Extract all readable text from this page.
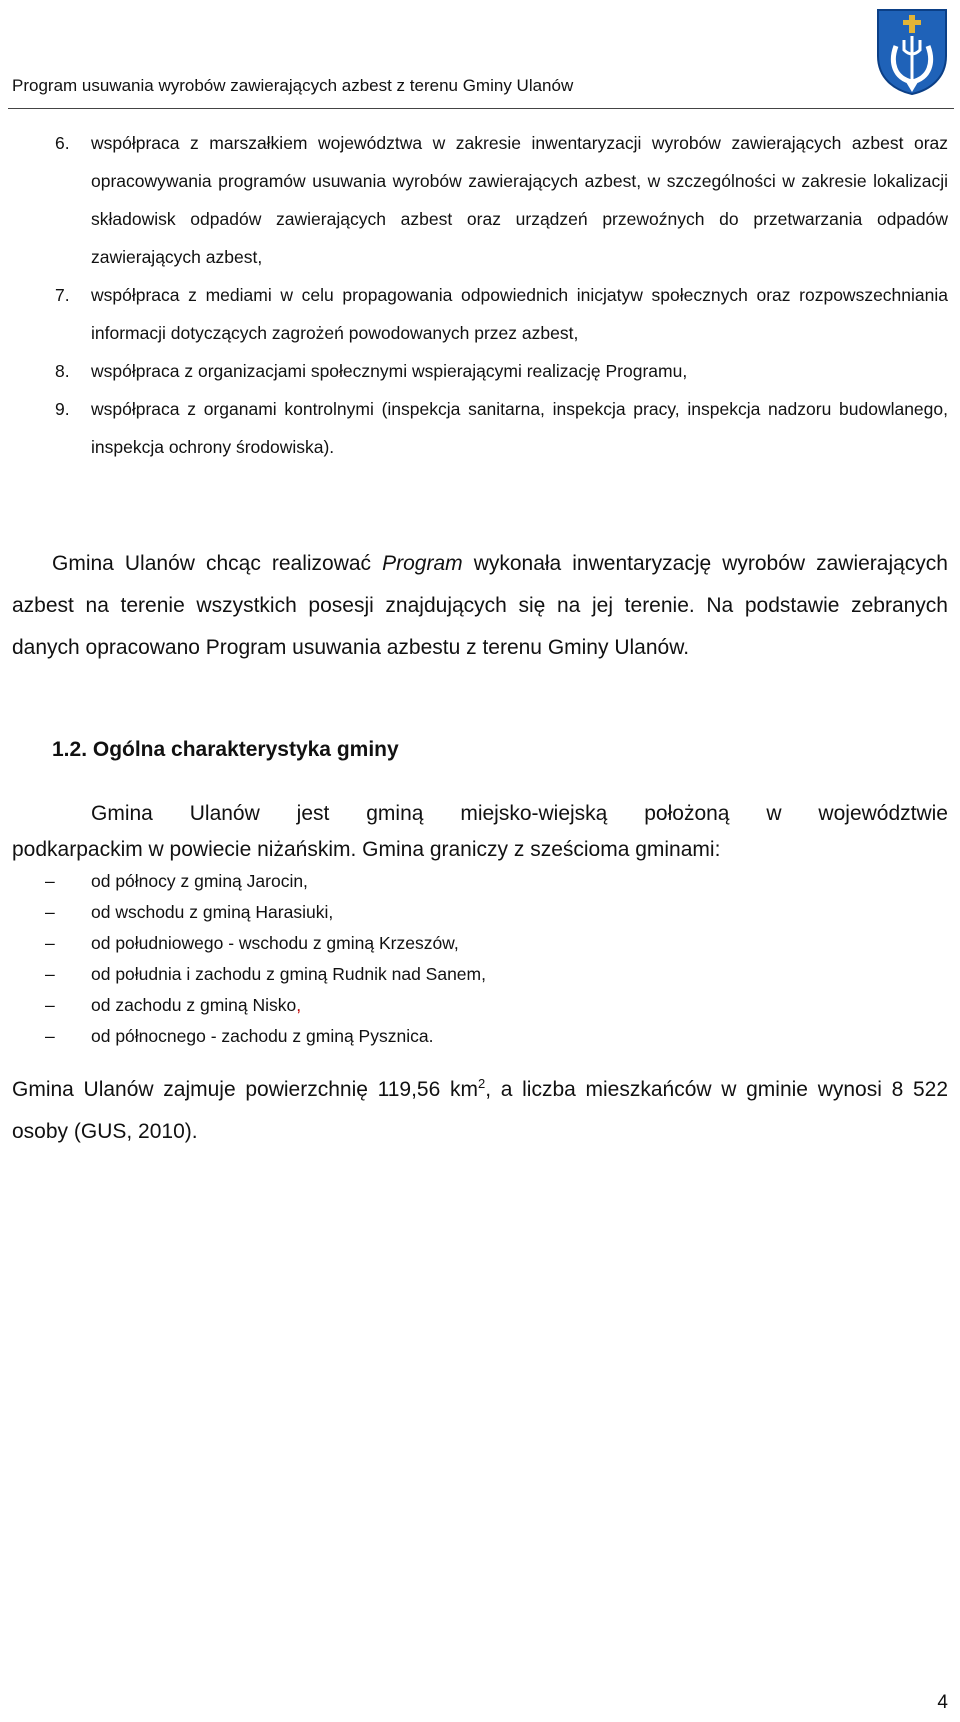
Program usuwania wyrobów zawierających azbest z terenu Gminy Ulanów
6. współpraca z marszałkiem województwa w zakresie inwentaryzacji wyrobów zawierających azbest oraz opracowywania programów usuwania wyrobów zawierających azbest, w szczególności w zakresie lokalizacji składowisk odpadów zawierających azbest oraz urządzeń przewoźnych do przetwarzania odpadów zawierających azbest,
7. współpraca z mediami w celu propagowania odpowiednich inicjatyw społecznych oraz rozpowszechniania informacji dotyczących zagrożeń powodowanych przez azbest,
8. współpraca z organizacjami społecznymi wspierającymi realizację Programu,
9. współpraca z organami kontrolnymi (inspekcja sanitarna, inspekcja pracy, inspekcja nadzoru budowlanego, inspekcja ochrony środowiska).
Gmina Ulanów chcąc realizować Program wykonała inwentaryzację wyrobów zawierających azbest na terenie wszystkich posesji znajdujących się na jej terenie. Na podstawie zebranych danych opracowano Program usuwania azbestu z terenu Gminy Ulanów.
1.2. Ogólna charakterystyka gminy
Gmina Ulanów jest gminą miejsko-wiejską położoną w województwie
podkarpackim w powiecie niżańskim. Gmina graniczy z sześcioma gminami:
– od północy z gminą Jarocin,
– od wschodu z gminą Harasiuki,
– od południowego - wschodu z gminą Krzeszów,
– od południa i zachodu z gminą Rudnik nad Sanem,
– od zachodu z gminą Nisko,
– od północnego - zachodu z gminą Pysznica.
Gmina Ulanów zajmuje powierzchnię 119,56 $km^2$, a liczba mieszkańców w gminie wynosi 8 522 osoby (GUS, 2010).
4
